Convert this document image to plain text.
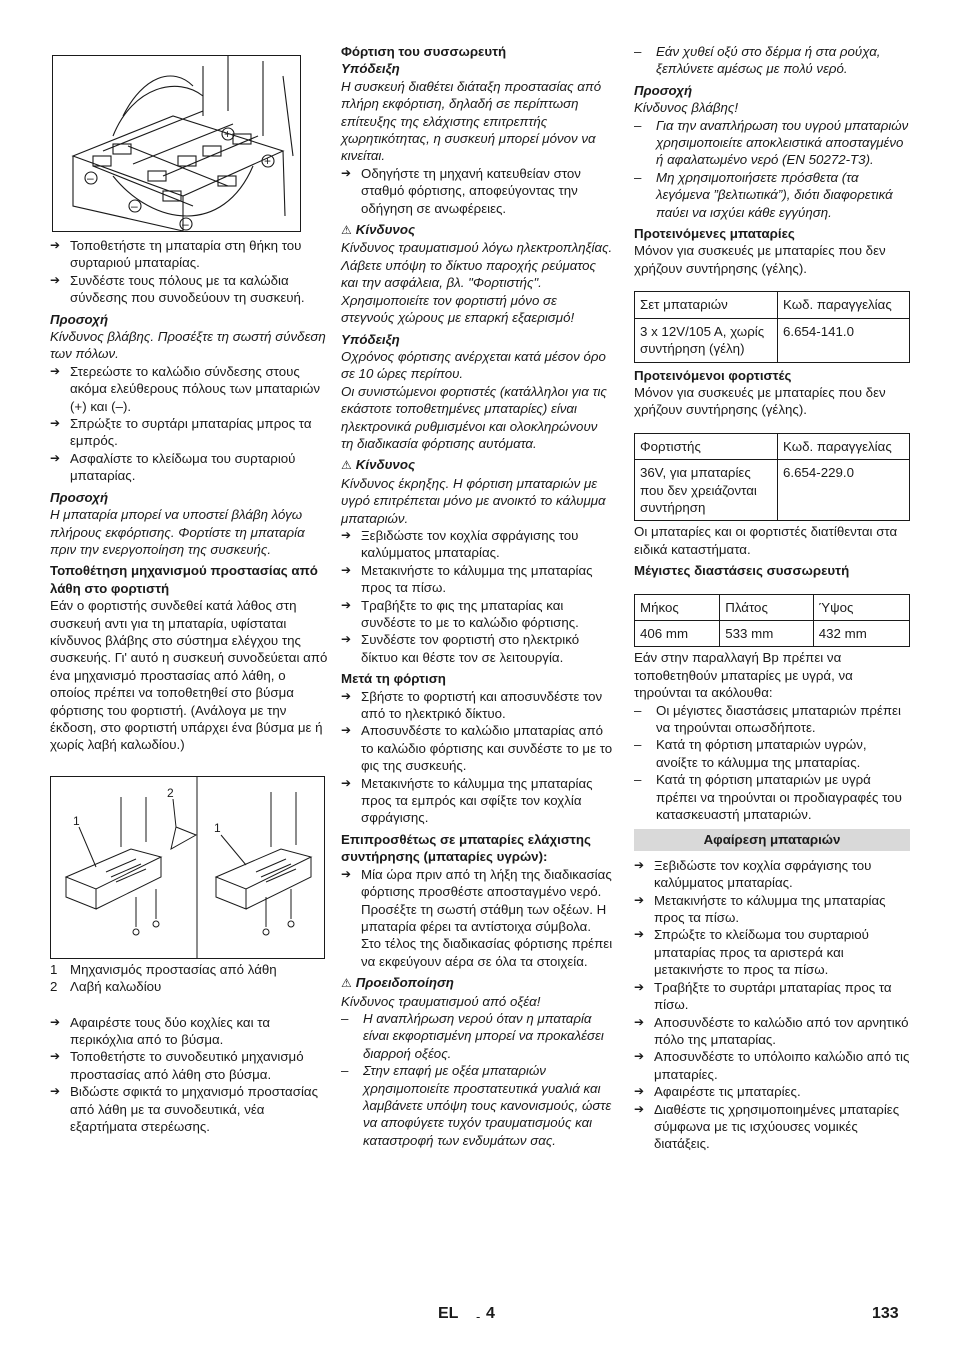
+
+
–
–
–

➔ Τοποθετήστε τη μπαταρία στη θήκη του συρταριού μπαταρίας.

➔ Συνδέστε τους πόλους με τα καλώδια σύνδεσης που συνοδεύουν τη συσκευή.

Προσοχή

Κίνδυνος βλάβης. Προσέξτε τη σωστή σύνδεση των πόλων.

➔ Στερεώστε το καλώδιο σύνδεσης στους ακόμα ελεύθερους πόλους των μπαταριών (+) και (–).

➔ Σπρώξτε το συρτάρι μπαταρίας μπρος τα εμπρός.

➔ Ασφαλίστε το κλείδωμα του συρταριού μπαταρίας.

Προσοχή

Η μπαταρία μπορεί να υποστεί βλάβη λόγω πλήρους εκφόρτισης. Φορτίστε τη μπαταρία πριν την ενεργοποίηση της συσκευής.

Τοποθέτηση μηχανισμού προστασίας από λάθη στο φορτιστή

Εάν ο φορτιστής συνδεθεί κατά λάθος στη συσκευή αντι για τη μπαταρία, υφίσταται κίνδυνος βλάβης στο σύστημα ελέγχου της συσκευής. Γι' αυτό η συσκευή συνοδεύεται από ένα μηχανισμό προστασίας από λάθη, ο οποίος πρέπει να τοποθετηθεί στο βύσμα φόρτισης του φορτιστή. (Ανάλογα με την έκδοση, στο φορτιστή υπάρχει ένα βύσμα με ή χωρίς λαβή καλωδίου.)

1
2
1
1 Μηχανισμός προστασίας από λάθη
2 Λαβή καλωδίου

➔ Αφαιρέστε τους δύο κοχλίες και τα περικόχλια από το βύσμα.

➔ Τοποθετήστε το συνοδευτικό μηχανισμό προστασίας από λάθη στο βύσμα.

➔ Βιδώστε σφικτά το μηχανισμό προστασίας από λάθη με τα συνοδευτικά, νέα εξαρτήματα στερέωσης.

Φόρτιση του συσσωρευτή

Υπόδειξη

Η συσκευή διαθέτει διάταξη προστασίας από πλήρη εκφόρτιση, δηλαδή σε περίπτωση επίτευξης της ελάχιστης επιτρεπτής χωρητικότητας, η συσκευή μπορεί μόνον να κινείται.

➔ Οδηγήστε τη μηχανή κατευθείαν στον σταθμό φόρτισης, αποφεύγοντας την οδήγηση σε ανωφέρειες.

⚠ Κίνδυνος

Κίνδυνος τραυματισμού λόγω ηλεκτροπληξίας. Λάβετε υπόψη το δίκτυο παροχής ρεύματος και την ασφάλεια, βλ. "Φορτιστής".

Χρησιμοποιείτε τον φορτιστή μόνο σε στεγνούς χώρους με επαρκή εξαερισμό!

Υπόδειξη

Οχρόνος φόρτισης ανέρχεται κατά μέσον όρο σε 10 ώρες περίπου.

Οι συνιστώμενοι φορτιστές (κατάλληλοι για τις εκάστοτε τοποθετημένες μπαταρίες) είναι ηλεκτρονικά ρυθμισμένοι και ολοκληρώνουν τη διαδικασία φόρτισης αυτόματα.

⚠ Κίνδυνος

Κίνδυνος έκρηξης. Η φόρτιση μπαταριών με υγρό επιτρέπεται μόνο με ανοικτό το κάλυμμα μπαταριών.

➔ Ξεβιδώστε τον κοχλία σφράγισης του καλύμματος μπαταρίας.

➔ Μετακινήστε το κάλυμμα της μπαταρίας προς τα πίσω.

➔ Τραβήξτε το φις της μπαταρίας και συνδέστε το με το καλώδιο φόρτισης.

➔ Συνδέστε τον φορτιστή στο ηλεκτρικό δίκτυο και θέστε τον σε λειτουργία.

Μετά τη φόρτιση

➔ Σβήστε το φορτιστή και αποσυνδέστε τον από το ηλεκτρικό δίκτυο.

➔ Αποσυνδέστε το καλώδιο μπαταρίας από το καλώδιο φόρτισης και συνδέστε το με το φις της συσκευής.

➔ Μετακινήστε το κάλυμμα της μπαταρίας προς τα εμπρός και σφίξτε τον κοχλία σφράγισης.

Επιπροσθέτως σε μπαταρίες ελάχιστης συντήρησης (μπαταρίες υγρών):

➔ Μία ώρα πριν από τη λήξη της διαδικασίας φόρτισης προσθέστε αποσταγμένο νερό. Προσέξτε τη σωστή στάθμη των οξέων. Η μπαταρία φέρει τα αντίστοιχα σύμβολα. Στο τέλος της διαδικασίας φόρτισης πρέπει να εκφεύγουν αέρα σε όλα τα στοιχεία.

⚠ Προειδοποίηση

Κίνδυνος τραυματισμού από οξέα!

– Η αναπλήρωση νερού όταν η μπαταρία είναι εκφορτισμένη μπορεί να προκαλέσει διαρροή οξέος.

– Στην επαφή με οξέα μπαταριών χρησιμοποιείτε προστατευτικά γυαλιά και λαμβάνετε υπόψη τους κανονισμούς, ώστε να αποφύγετε τυχόν τραυματισμούς και καταστροφή των ενδυμάτων σας.

– Εάν χυθεί οξύ στο δέρμα ή στα ρούχα, ξεπλύνετε αμέσως με πολύ νερό.

Προσοχή

Κίνδυνος βλάβης!

– Για την αναπλήρωση του υγρού μπαταριών χρησιμοποιείτε αποκλειστικά αποσταγμένο ή αφαλατωμένο νερό (EN 50272-T3).

– Μη χρησιμοποιήσετε πρόσθετα (τα λεγόμενα ”βελτιωτικά”), διότι διαφορετικά παύει να ισχύει κάθε εγγύηση.

Προτεινόμενες μπαταρίες

Μόνον για συσκευές με μπαταρίες που δεν χρήζουν συντήρησης (γέλης).

Σετ μπαταριών	Κωδ. παραγγελίας
3 x 12V/105 A, χωρίς συντήρηση (γέλη)	6.654-141.0

Προτεινόμενοι φορτιστές

Μόνον για συσκευές με μπαταρίες που δεν χρήζουν συντήρησης (γέλης).

Φορτιστής	Κωδ. παραγγελίας
36V, για μπαταρίες που δεν χρειάζονται συντήρηση	6.654-229.0

Οι μπαταρίες και οι φορτιστές διατίθενται στα ειδικά καταστήματα.

Μέγιστες διαστάσεις συσσωρευτή

Μήκος	Πλάτος	Ύψος
406 mm	533 mm	432 mm

Εάν στην παραλλαγή Bp πρέπει να τοποθετηθούν μπαταρίες με υγρά, να τηρούνται τα ακόλουθα:

– Οι μέγιστες διαστάσεις μπαταριών πρέπει να τηρούνται οπωσδήποτε.

– Κατά τη φόρτιση μπαταριών υγρών, ανοίξτε το κάλυμμα της μπαταρίας.

– Κατά τη φόρτιση μπαταριών με υγρά πρέπει να τηρούνται οι προδιαγραφές του κατασκευαστή μπαταριών.

Αφαίρεση μπαταριών

➔ Ξεβιδώστε τον κοχλία σφράγισης του καλύμματος μπαταρίας.

➔ Μετακινήστε το κάλυμμα της μπαταρίας προς τα πίσω.

➔ Σπρώξτε το κλείδωμα του συρταριού μπαταρίας προς τα αριστερά και μετακινήστε το προς τα πίσω.

➔ Τραβήξτε το συρτάρι μπαταρίας προς τα πίσω.

➔ Αποσυνδέστε το καλώδιο από τον αρνητικό πόλο της μπαταρίας.

➔ Αποσυνδέστε το υπόλοιπο καλώδιο από τις μπαταρίες.

➔ Αφαιρέστε τις μπαταρίες.

➔ Διαθέστε τις χρησιμοποιημένες μπαταρίες σύμφωνα με τις ισχύουσες νομικές διατάξεις.

EL - 4	133
